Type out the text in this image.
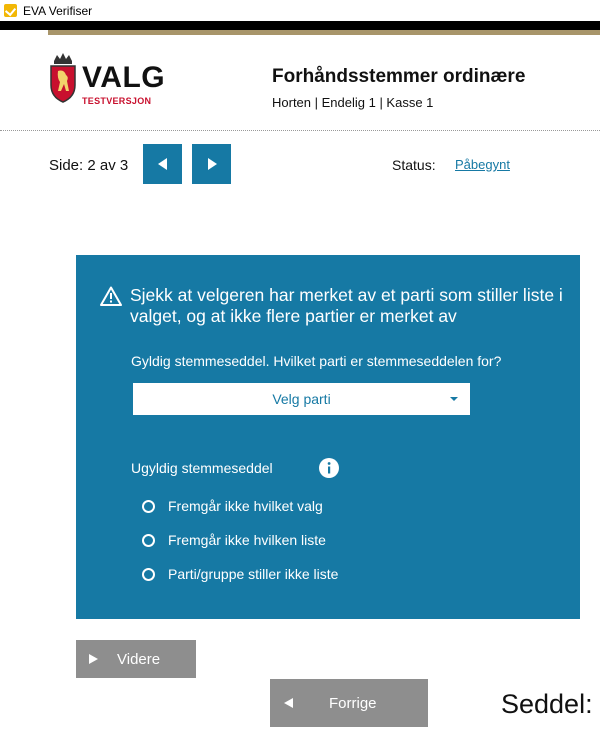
EVA Verifiser
VALG
TESTVERSJON
Forhåndsstemmer ordinære
Horten | Endelig 1 | Kasse 1
Side: 2 av 3	Status: Påbegynt
Sjekk at velgeren har merket av et parti som stiller liste i valget, og at ikke flere partier er merket av
Gyldig stemmeseddel. Hvilket parti er stemmeseddelen for?
Velg parti
Ugyldig stemmeseddel
Fremgår ikke hvilket valg
Fremgår ikke hvilken liste
Parti/gruppe stiller ikke liste
Videre
Forrige	Seddel:
